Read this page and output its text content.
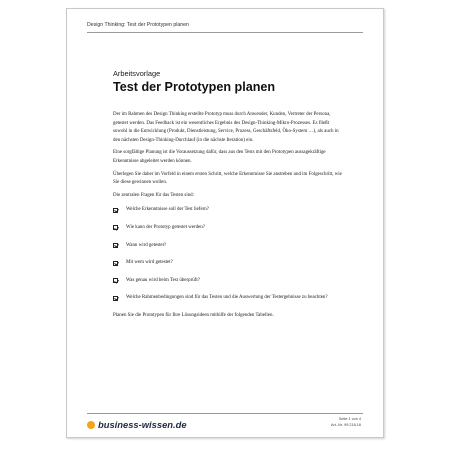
Design Thinking: Test der Prototypen planen
Arbeitsvorlage
Test der Prototypen planen

Der im Rahmen des Design Thinking erstellte Prototyp muss durch Anwender, Kunden, Vertreter der Persona, getestet werden. Das Feedback ist ein wesentliches Ergebnis des Design-Thinking-Mikro-Prozesses. Es fließt sowohl in die Entwicklung (Produkt, Dienstleistung, Service, Prozess, Geschäftsfeld, Öko-System …), als auch in den nächsten Design-Thinking-Durchlauf (in die nächste Iteration) ein.

Eine sorgfältige Planung ist die Voraussetzung dafür, dass aus den Tests mit den Prototypen aussagekräftige Erkenntnisse abgeleitet werden können.

Überlegen Sie daher im Vorfeld in einem ersten Schritt, welche Erkenntnisse Sie anstreben und im Folgeschritt, wie Sie diese gewinnen wollen.

Die zentralen Fragen für das Testen sind:

Welche Erkenntnisse soll der Test liefern?
Wie kann der Prototyp getestet werden?
Wann wird getestet?
Mit wem wird getestet?
Was genau wird beim Test überprüft?
Welche Rahmenbedingungen sind für das Testen und die Auswertung der Testergebnisse zu beachten?

Planen Sie die Prototypen für Ihre Lösungsideen mithilfe der folgenden Tabellen.

business-wissen.de	Seite 1 von 4
Art.-Nr. 99.218.16
